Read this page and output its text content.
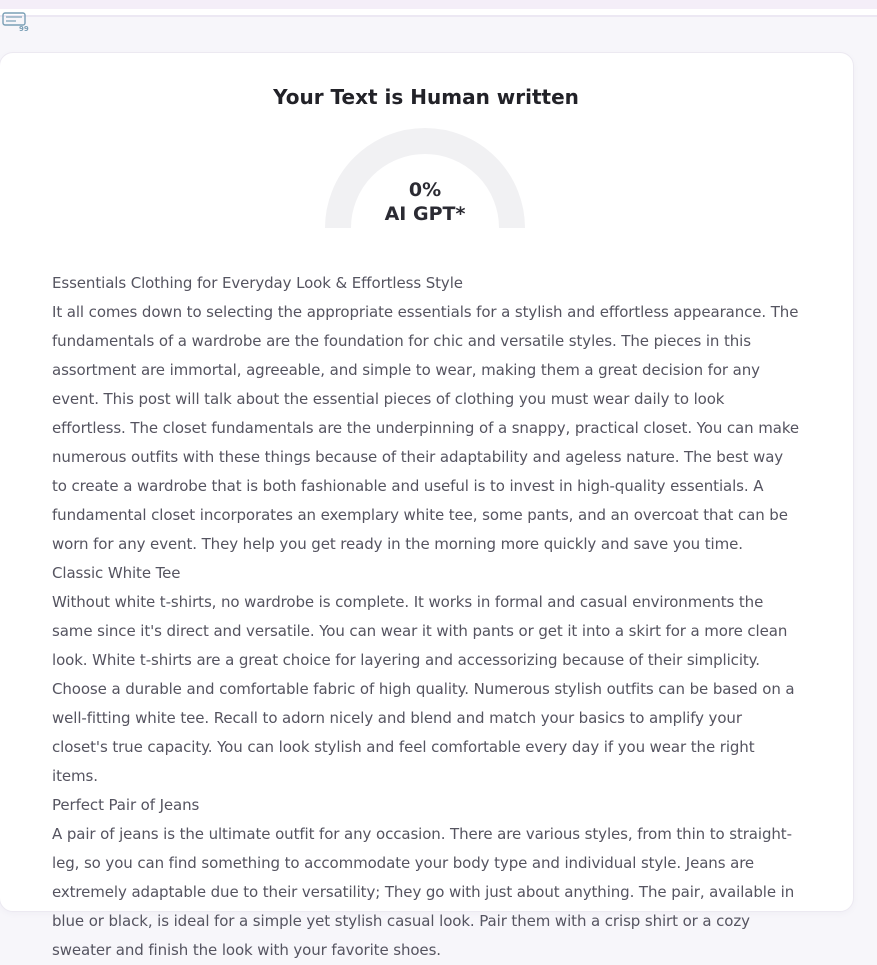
99
Your Text is Human written
0%
AI GPT*

Essentials Clothing for Everyday Look & Effortless Style

It all comes down to selecting the appropriate essentials for a stylish and effortless appearance. The fundamentals of a wardrobe are the foundation for chic and versatile styles. The pieces in this assortment are immortal, agreeable, and simple to wear, making them a great decision for any event. This post will talk about the essential pieces of clothing you must wear daily to look effortless. The closet fundamentals are the underpinning of a snappy, practical closet. You can make numerous outfits with these things because of their adaptability and ageless nature. The best way to create a wardrobe that is both fashionable and useful is to invest in high-quality essentials. A fundamental closet incorporates an exemplary white tee, some pants, and an overcoat that can be worn for any event. They help you get ready in the morning more quickly and save you time.

Classic White Tee

Without white t-shirts, no wardrobe is complete. It works in formal and casual environments the same since it's direct and versatile. You can wear it with pants or get it into a skirt for a more clean look. White t-shirts are a great choice for layering and accessorizing because of their simplicity. Choose a durable and comfortable fabric of high quality. Numerous stylish outfits can be based on a well-fitting white tee. Recall to adorn nicely and blend and match your basics to amplify your closet's true capacity. You can look stylish and feel comfortable every day if you wear the right items.

Perfect Pair of Jeans

A pair of jeans is the ultimate outfit for any occasion. There are various styles, from thin to straight-leg, so you can find something to accommodate your body type and individual style. Jeans are extremely adaptable due to their versatility; They go with just about anything. The pair, available in blue or black, is ideal for a simple yet stylish casual look. Pair them with a crisp shirt or a cozy sweater and finish the look with your favorite shoes.
